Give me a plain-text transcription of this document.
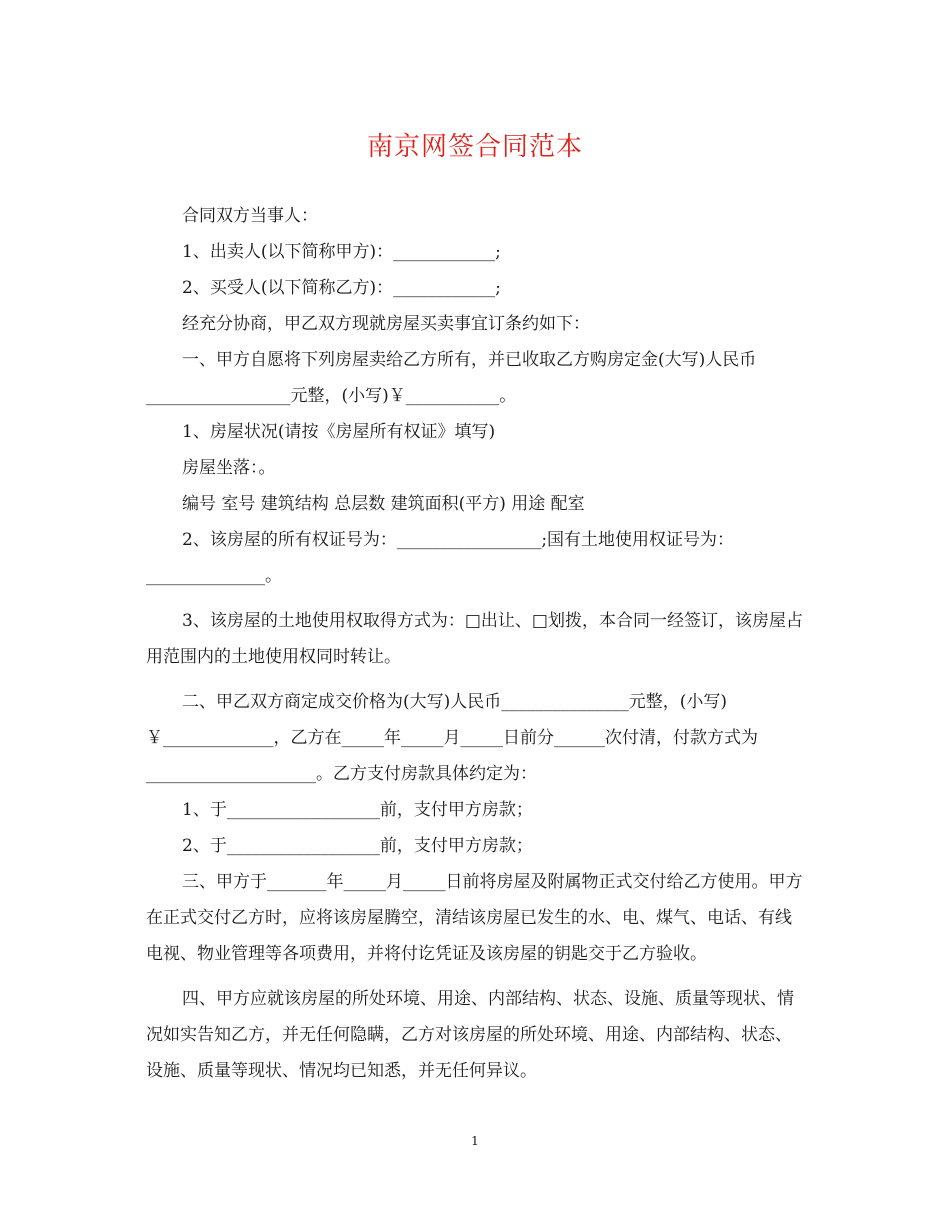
南京网签合同范本

合同双方当事人：

1、出卖人(以下简称甲方)：____________;

2、买受人(以下简称乙方)：____________;

经充分协商，甲乙双方现就房屋买卖事宜订条约如下：

一、甲方自愿将下列房屋卖给乙方所有，并已收取乙方购房定金(大写)人民币_________________元整，(小写)￥___________。

1、房屋状况(请按《房屋所有权证》填写)

房屋坐落：。

编号 室号 建筑结构 总层数 建筑面积(平方) 用途 配室

2、该房屋的所有权证号为：_________________;国有土地使用权证号为：______________。

3、该房屋的土地使用权取得方式为：□出让、□划拨，本合同一经签订，该房屋占用范围内的土地使用权同时转让。

二、甲乙双方商定成交价格为(大写)人民币_______________元整，(小写)￥_____________，乙方在_____年_____月_____日前分______次付清，付款方式为____________________。乙方支付房款具体约定为：

1、于__________________前，支付甲方房款；

2、于__________________前，支付甲方房款；

三、甲方于_______年_____月_____日前将房屋及附属物正式交付给乙方使用。甲方在正式交付乙方时，应将该房屋腾空，清结该房屋已发生的水、电、煤气、电话、有线电视、物业管理等各项费用，并将付讫凭证及该房屋的钥匙交于乙方验收。

四、甲方应就该房屋的所处环境、用途、内部结构、状态、设施、质量等现状、情况如实告知乙方，并无任何隐瞒，乙方对该房屋的所处环境、用途、内部结构、状态、设施、质量等现状、情况均已知悉，并无任何异议。

1
